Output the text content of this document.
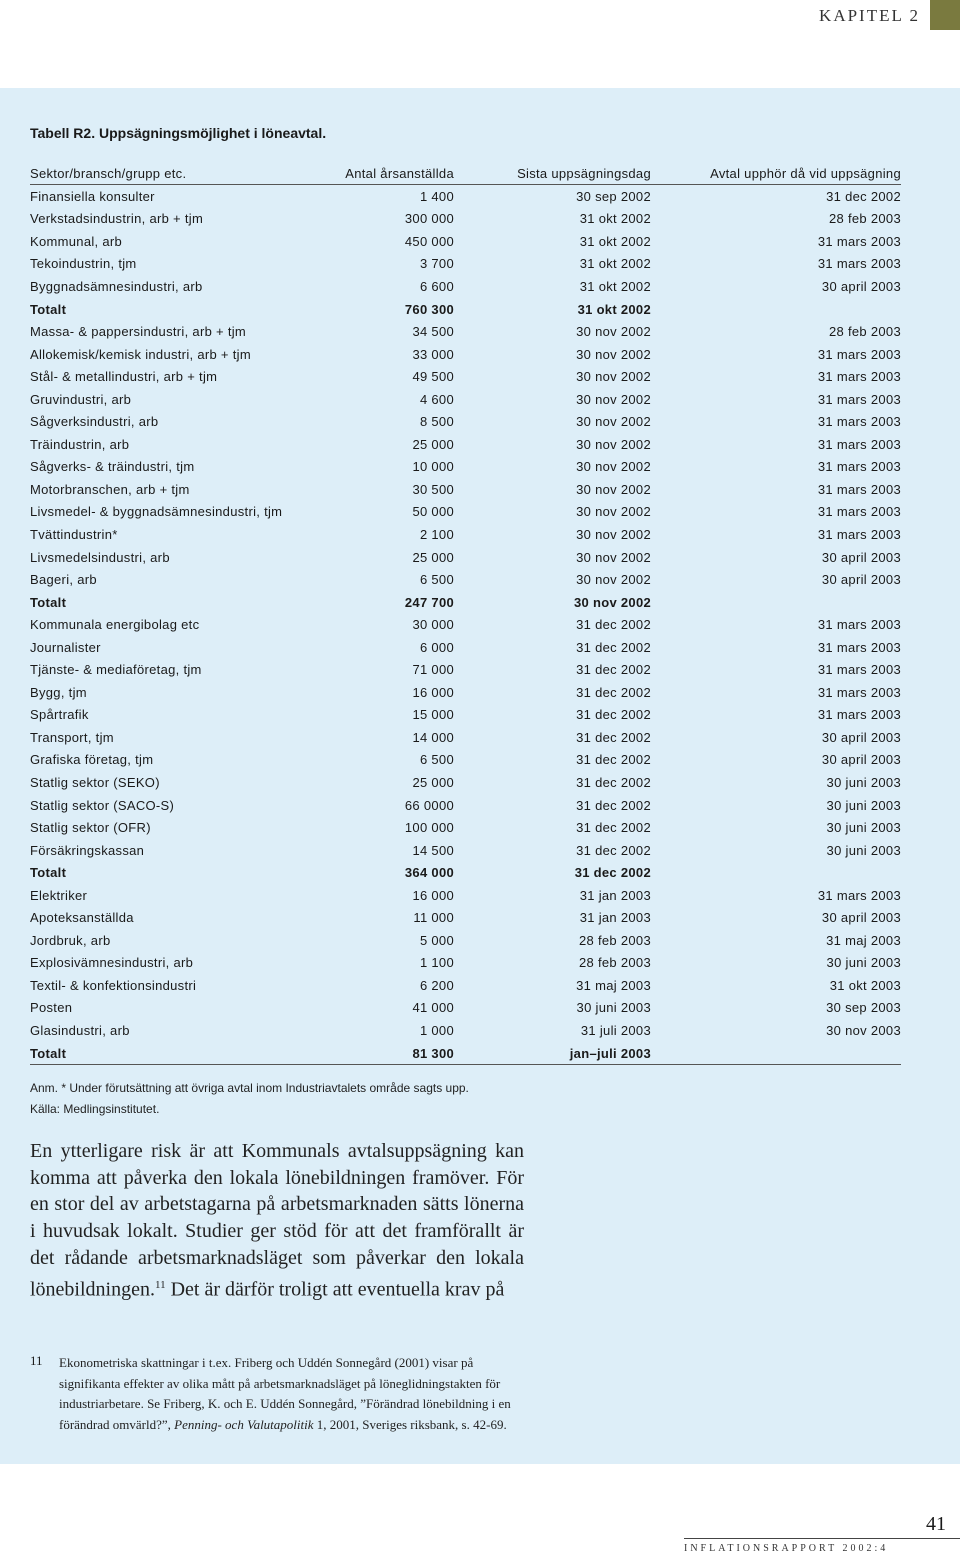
KAPITEL 2
Tabell R2. Uppsägningsmöjlighet i löneavtal.
Sektor/bransch/grupp etc.	Antal årsanställda	Sista uppsägningsdag	Avtal upphör då vid uppsägning
Finansiella konsulter	1 400	30 sep 2002	31 dec 2002
Verkstadsindustrin, arb + tjm	300 000	31 okt 2002	28 feb 2003
Kommunal, arb	450 000	31 okt 2002	31 mars 2003
Tekoindustrin, tjm	3 700	31 okt 2002	31 mars 2003
Byggnadsämnesindustri, arb	6 600	31 okt 2002	30 april 2003
Totalt	760 300	31 okt 2002	
Massa- & pappersindustri, arb + tjm	34 500	30 nov 2002	28 feb 2003
Allokemisk/kemisk industri, arb + tjm	33 000	30 nov 2002	31 mars 2003
Stål- & metallindustri, arb + tjm	49 500	30 nov 2002	31 mars 2003
Gruvindustri, arb	4 600	30 nov 2002	31 mars 2003
Sågverksindustri, arb	8 500	30 nov 2002	31 mars 2003
Träindustrin, arb	25 000	30 nov 2002	31 mars 2003
Sågverks- & träindustri, tjm	10 000	30 nov 2002	31 mars 2003
Motorbranschen, arb + tjm	30 500	30 nov 2002	31 mars 2003
Livsmedel- & byggnadsämnesindustri, tjm	50 000	30 nov 2002	31 mars 2003
Tvättindustrin*	2 100	30 nov 2002	31 mars 2003
Livsmedelsindustri, arb	25 000	30 nov 2002	30 april 2003
Bageri, arb	6 500	30 nov 2002	30 april 2003
Totalt	247 700	30 nov 2002	
Kommunala energibolag etc	30 000	31 dec 2002	31 mars 2003
Journalister	6 000	31 dec 2002	31 mars 2003
Tjänste- & mediaföretag, tjm	71 000	31 dec 2002	31 mars 2003
Bygg, tjm	16 000	31 dec 2002	31 mars 2003
Spårtrafik	15 000	31 dec 2002	31 mars 2003
Transport, tjm	14 000	31 dec 2002	30 april 2003
Grafiska företag, tjm	6 500	31 dec 2002	30 april 2003
Statlig sektor (SEKO)	25 000	31 dec 2002	30 juni 2003
Statlig sektor (SACO-S)	66 0000	31 dec 2002	30 juni 2003
Statlig sektor (OFR)	100 000	31 dec 2002	30 juni 2003
Försäkringskassan	14 500	31 dec 2002	30 juni 2003
Totalt	364 000	31 dec 2002	
Elektriker	16 000	31 jan 2003	31 mars 2003
Apoteksanställda	11 000	31 jan 2003	30 april 2003
Jordbruk, arb	5 000	28 feb 2003	31 maj 2003
Explosivämnesindustri, arb	1 100	28 feb 2003	30 juni 2003
Textil- & konfektionsindustri	6 200	31 maj 2003	31 okt 2003
Posten	41 000	30 juni 2003	30 sep 2003
Glasindustri, arb	1 000	31 juli 2003	30 nov 2003
Totalt	81 300	jan–juli 2003	
Anm. * Under förutsättning att övriga avtal inom Industriavtalets område sagts upp.
Källa: Medlingsinstitutet.
En ytterligare risk är att Kommunals avtalsuppsägning kan komma att påverka den lokala lönebildningen framöver. För en stor del av arbetstagarna på arbetsmarknaden sätts lönerna i huvudsak lokalt. Studier ger stöd för att det framförallt är det rådande arbetsmarknadsläget som påverkar den lokala lönebildningen.$^{11}$ Det är därför troligt att eventuella krav på
11 Ekonometriska skattningar i t.ex. Friberg och Uddén Sonnegård (2001) visar på signifikanta effekter av olika mått på arbetsmarknadsläget på löneglidningstakten för industriarbetare. Se Friberg, K. och E. Uddén Sonnegård, ”Förändrad lönebildning i en förändrad omvärld?”, Penning- och Valutapolitik 1, 2001, Sveriges riksbank, s. 42-69.
41
INFLATIONSRAPPORT 2002:4
